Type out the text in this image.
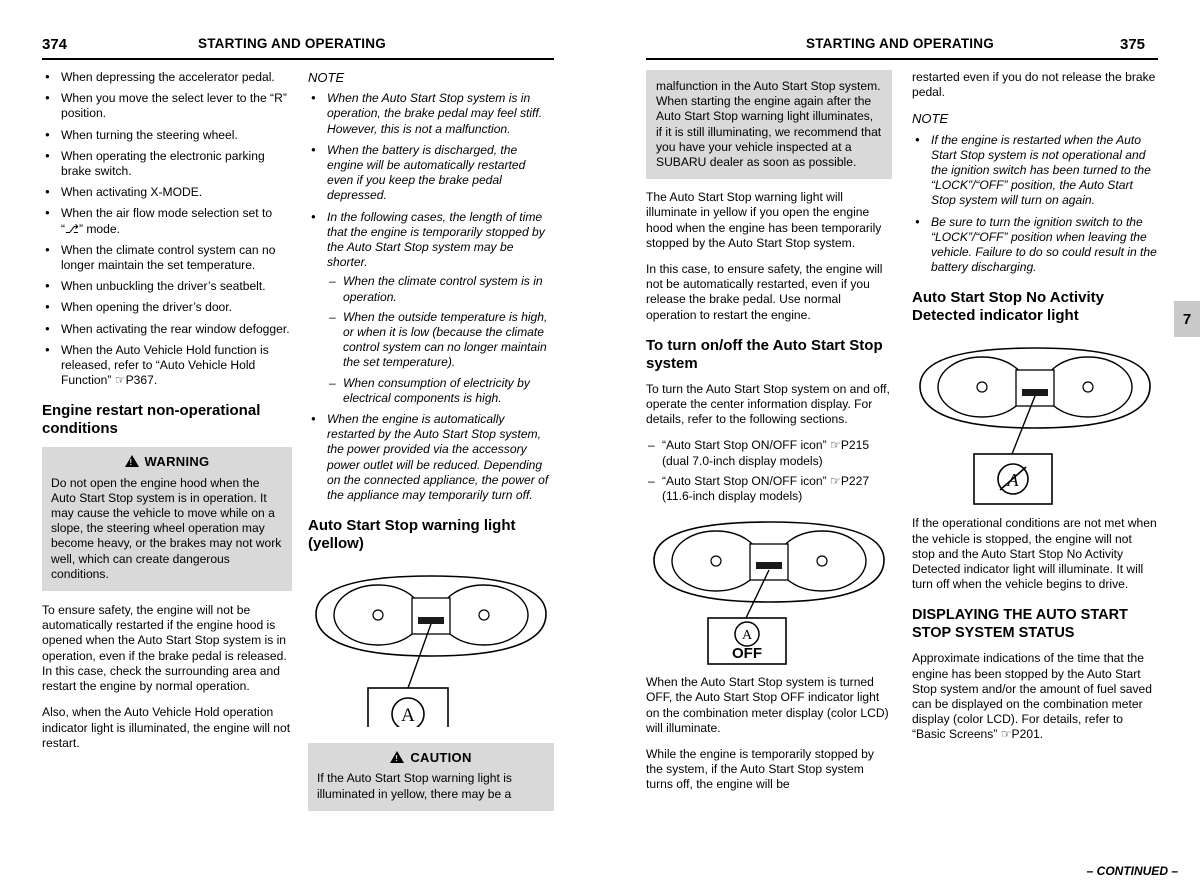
374	STARTING AND OPERATING
● When depressing the accelerator pedal.
● When you move the select lever to the “R” position.
● When turning the steering wheel.
● When operating the electronic parking brake switch.
● When activating X-MODE.
● When the air flow mode selection set to “⎇” mode.
● When the climate control system can no longer maintain the set temperature.
● When unbuckling the driver’s seatbelt.
● When opening the driver’s door.
● When activating the rear window defogger.
● When the Auto Vehicle Hold function is released, refer to “Auto Vehicle Hold Function” ☞P367.
Engine restart non-operational conditions
!WARNING

Do not open the engine hood when the Auto Start Stop system is in operation. It may cause the vehicle to move while on a slope, the steering wheel operation may become heavy, or the brakes may not work well, which can create dangerous conditions.

To ensure safety, the engine will not be automatically restarted if the engine hood is opened when the Auto Start Stop system is in operation, even if the brake pedal is released. In this case, check the surrounding area and restart the engine by normal operation.

Also, when the Auto Vehicle Hold operation indicator light is illuminated, the engine will not restart.

NOTE
● When the Auto Start Stop system is in operation, the brake pedal may feel stiff. However, this is not a malfunction.
● When the battery is discharged, the engine will be automatically restarted even if you keep the brake pedal depressed.
● In the following cases, the length of time that the engine is temporarily stopped by the Auto Start Stop system may be shorter.
– When the climate control system is in operation.
– When the outside temperature is high, or when it is low (because the climate control system can no longer maintain the set temperature).
– When consumption of electricity by electrical components is high.
● When the engine is automatically restarted by the Auto Start Stop system, the power provided via the accessory power outlet will be reduced. Depending on the connected appliance, the power of the appliance may temporarily turn off.
Auto Start Stop warning light (yellow)
A
!CAUTION

If the Auto Start Stop warning light is illuminated in yellow, there may be a

STARTING AND OPERATING	375
7

malfunction in the Auto Start Stop system. When starting the engine again after the Auto Start Stop warning light illuminates, if it is still illuminating, we recommend that you have your vehicle inspected at a SUBARU dealer as soon as possible.

The Auto Start Stop warning light will illuminate in yellow if you open the engine hood when the engine has been temporarily stopped by the Auto Start Stop system.

In this case, to ensure safety, the engine will not be automatically restarted, even if you release the brake pedal. Use normal operation to restart the engine.

To turn on/off the Auto Start Stop system

To turn the Auto Start Stop system on and off, operate the center information display. For details, refer to the following sections.

– “Auto Start Stop ON/OFF icon” ☞P215 (dual 7.0-inch display models)
– “Auto Start Stop ON/OFF icon” ☞P227 (11.6-inch display models)
A
OFF

When the Auto Start Stop system is turned OFF, the Auto Start Stop OFF indicator light on the combination meter display (color LCD) will illuminate.

While the engine is temporarily stopped by the system, if the Auto Start Stop system turns off, the engine will be

restarted even if you do not release the brake pedal.

NOTE
● If the engine is restarted when the Auto Start Stop system is not operational and the ignition switch has been turned to the “LOCK”/“OFF” position, the Auto Start Stop system will turn on again.
● Be sure to turn the ignition switch to the “LOCK”/“OFF” position when leaving the vehicle. Failure to do so could result in the battery discharging.
Auto Start Stop No Activity Detected indicator light
A

If the operational conditions are not met when the vehicle is stopped, the engine will not stop and the Auto Start Stop No Activity Detected indicator light will illuminate. It will turn off when the vehicle begins to drive.

DISPLAYING THE AUTO START STOP SYSTEM STATUS

Approximate indications of the time that the engine has been stopped by the Auto Start Stop system and/or the amount of fuel saved can be displayed on the combination meter display (color LCD). For details, refer to “Basic Screens” ☞P201.

– CONTINUED –
